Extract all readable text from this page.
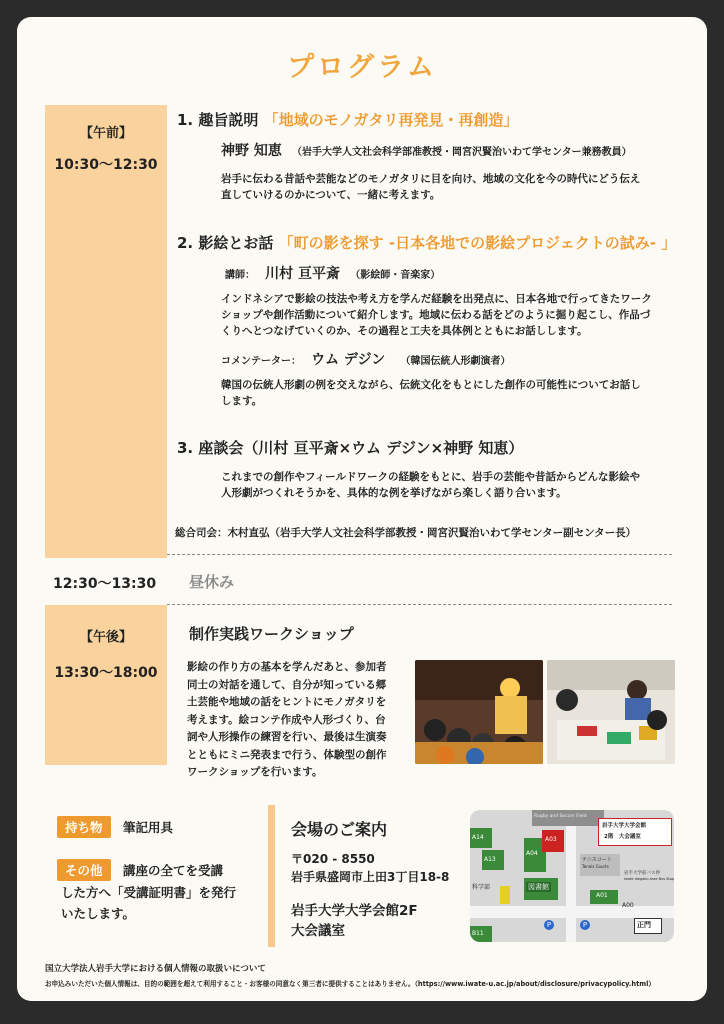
プログラム
【午前】
10:30～12:30
1. 趣旨説明 「地域のモノガタリ再発見・再創造」
神野 知恵 （岩手大学人文社会科学部准教授・岡宮沢賢治いわて学センター兼務教員）
岩手に伝わる昔話や芸能などのモノガタリに目を向け、地域の文化を今の時代にどう伝え
直していけるのかについて、一緒に考えます。
2. 影絵とお話 「町の影を探す -日本各地での影絵プロジェクトの試み- 」
講師： 川村 亘平斎 （影絵師・音楽家）
インドネシアで影絵の技法や考え方を学んだ経験を出発点に、日本各地で行ってきたワーク
ショップや創作活動について紹介します。地域に伝わる話をどのように掘り起こし、作品づ
くりへとつなげていくのか、その過程と工夫を具体例とともにお話しします。
コメンテーター： ウム デジン （韓国伝統人形劇演者）
韓国の伝統人形劇の例を交えながら、伝統文化をもとにした創作の可能性についてお話し
します。
3. 座談会（川村 亘平斎×ウム デジン×神野 知恵）
これまでの創作やフィールドワークの経験をもとに、岩手の芸能や昔話からどんな影絵や
人形劇がつくれそうかを、具体的な例を挙げながら楽しく語り合います。
総合司会：木村直弘（岩手大学人文社会科学部教授・岡宮沢賢治いわて学センター副センター長）
12:30～13:30 昼休み
【午後】
13:30～18:00
制作実践ワークショップ
影絵の作り方の基本を学んだあと、参加者
同士の対話を通して、自分が知っている郷
土芸能や地域の話をヒントにモノガタリを
考えます。絵コンテ作成や人形づくり、台
詞や人形操作の練習を行い、最後は生演奏
とともにミニ発表まで行う、体験型の創作
ワークショップを行います。
持ち物	筆記用具
その他	講座の全てを受講
した方へ「受講証明書」を発行
いたします。
会場のご案内
〒020 - 8550
岩手県盛岡市上田3丁目18-8
岩手大学大学会館2F
大会議室
Rugby and Soccer Field
A14
A13
A04
A03
岩手大学大学会館
2階　大会議室
テニスコート
Tennis Courts
岩手大学前バス停
Iwate daigaku-mae Bus Stop
図書館
A01
A00
科学部
正門
B11
P
P
国立大学法人岩手大学における個人情報の取扱いについて
お申込みいただいた個人情報は、目的の範囲を超えて利用すること・お客様の同意なく第三者に提供することはありません。（https://www.iwate-u.ac.jp/about/disclosure/privacypolicy.html）
